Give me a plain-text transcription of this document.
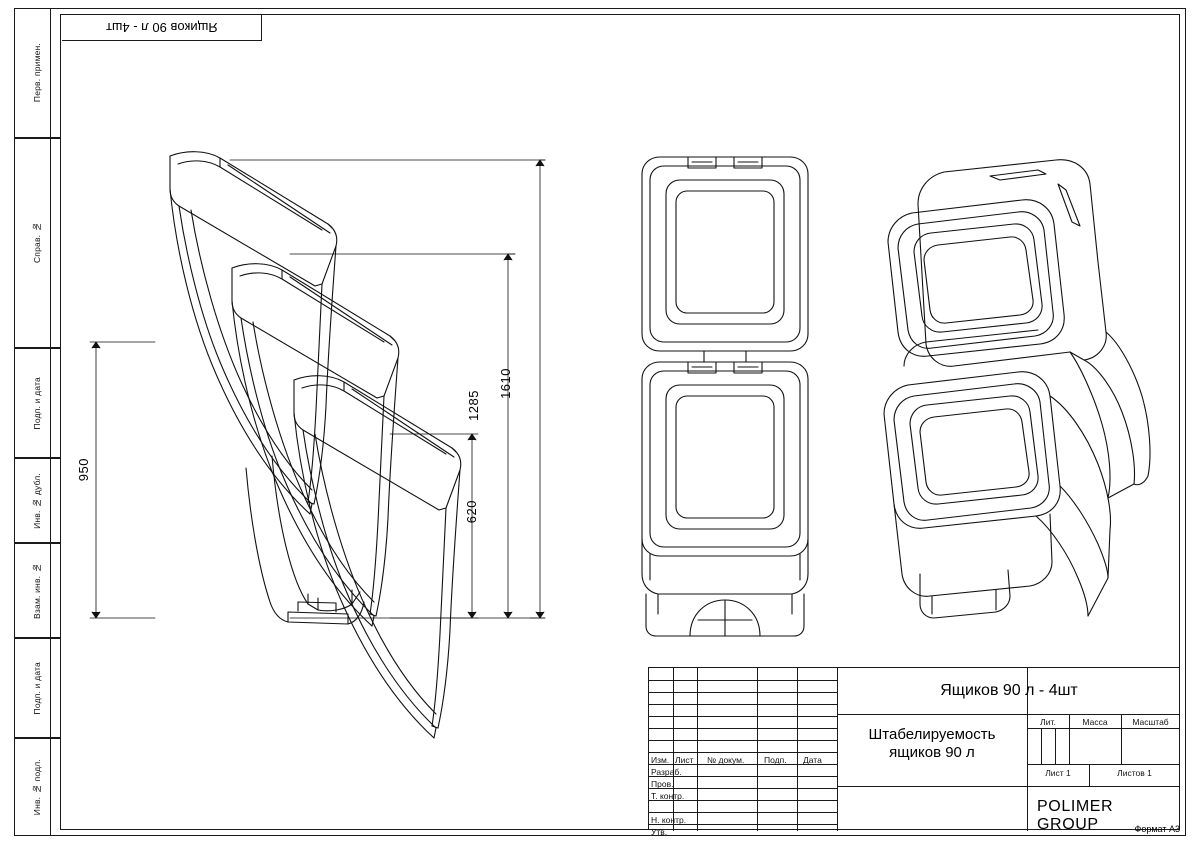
Перв. примен.
Справ. №
Подп. и дата
Инв. № дубл.
Взам. инв. №
Подп. и дата
Инв. № подл.
Ящиков 90 л - 4шт
1610
1285
950
620
Изм. Лист № докум. Подп. Дата
Разраб.
Пров.
Т. контр.
Н. контр.
Утв.
Ящиков 90 л - 4шт
Штабелируемость
ящиков 90 л
Лит.	Масса	Масштаб
Лист 1	Листов 1
POLIMER GROUP	Формат А3
